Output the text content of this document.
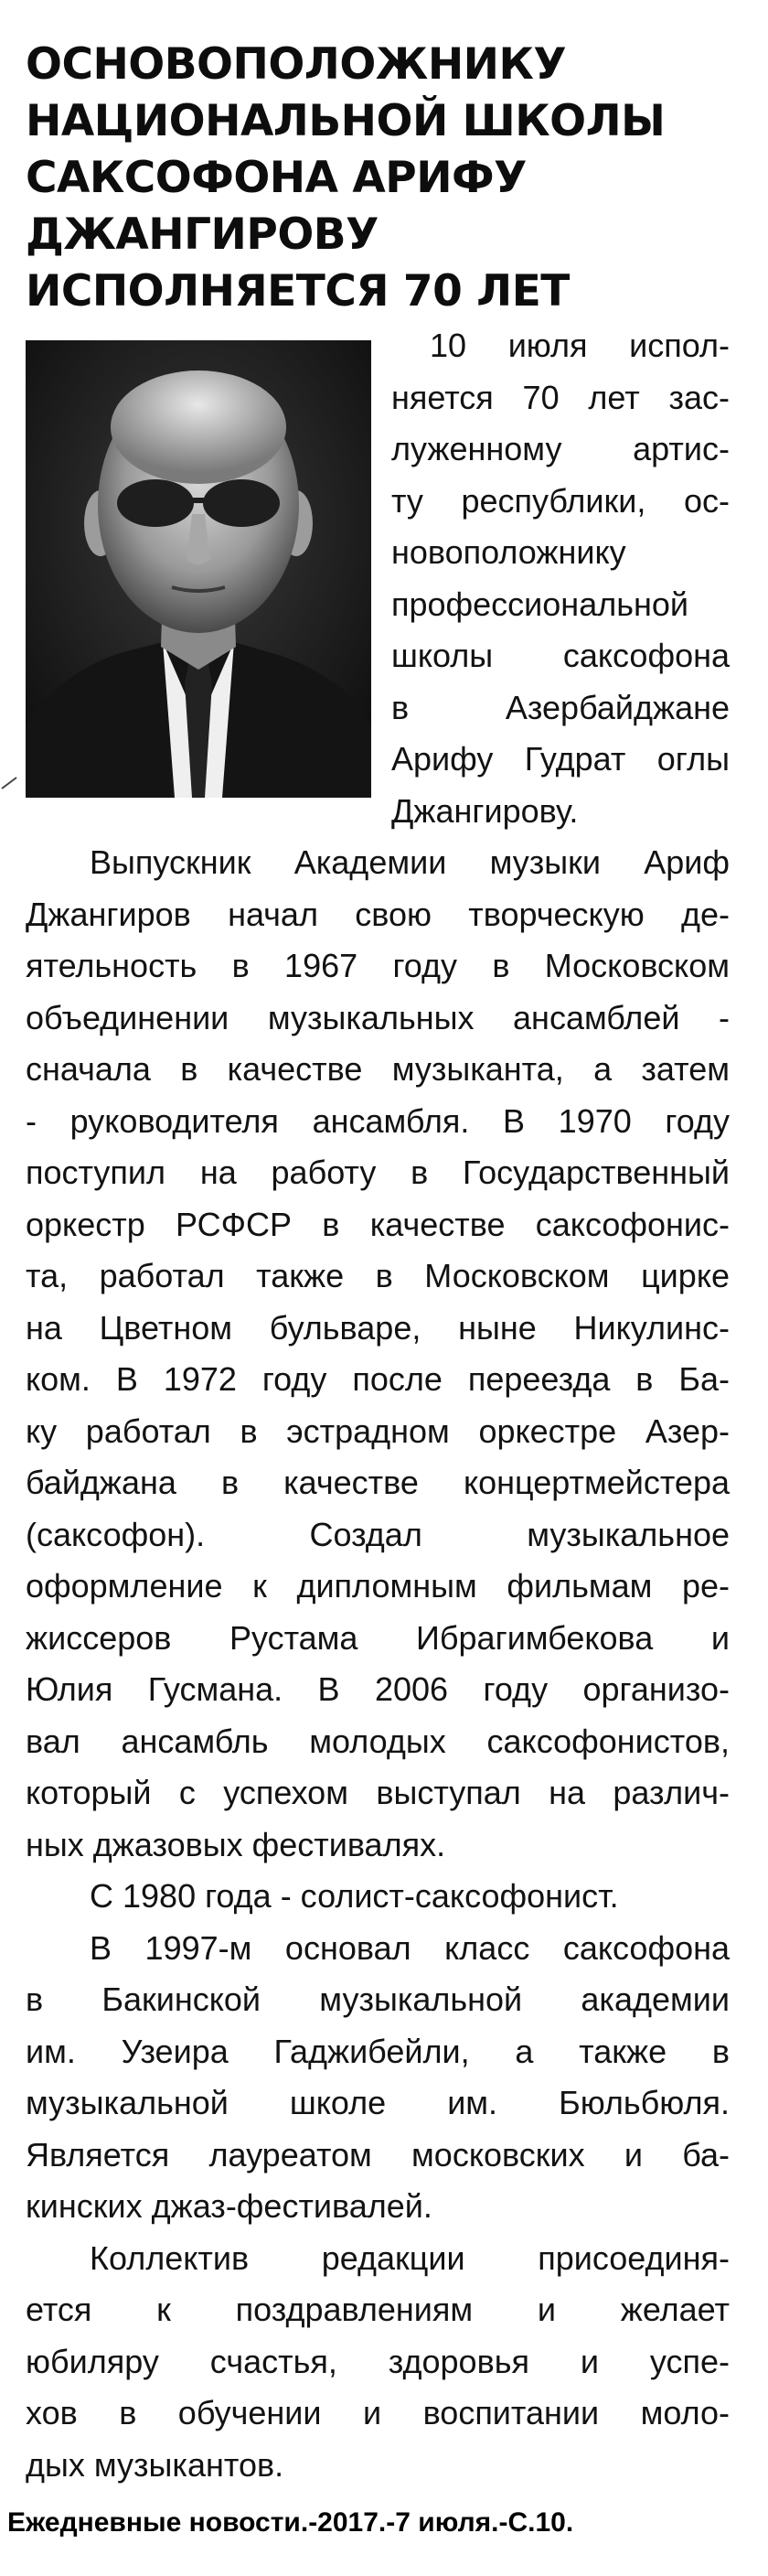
ОСНОВОПОЛОЖНИКУ
НАЦИОНАЛЬНОЙ ШКОЛЫ
САКСОФОНА АРИФУ
ДЖАНГИРОВУ
ИСПОЛНЯЕТСЯ 70 ЛЕТ
10 июля испол-
няется 70 лет зас-
луженному артис-
ту республики, ос-
новоположнику
профессиональной
школы саксофона
в Азербайджане
Арифу Гудрат оглы
Джангирову.
Выпускник Академии музыки Ариф
Джангиров начал свою творческую де-
ятельность в 1967 году в Московском
объединении музыкальных ансамблей -
сначала в качестве музыканта, а затем
- руководителя ансамбля. В 1970 году
поступил на работу в Государственный
оркестр РСФСР в качестве саксофонис-
та, работал также в Московском цирке
на Цветном бульваре, ныне Никулинс-
ком. В 1972 году после переезда в Ба-
ку работал в эстрадном оркестре Азер-
байджана в качестве концертмейстера
(саксофон). Создал музыкальное
оформление к дипломным фильмам ре-
жиссеров Рустама Ибрагимбекова и
Юлия Гусмана. В 2006 году организо-
вал ансамбль молодых саксофонистов,
который с успехом выступал на различ-
ных джазовых фестивалях.
С 1980 года - солист-саксофонист.
В 1997-м основал класс саксофона
в Бакинской музыкальной академии
им. Узеира Гаджибейли, а также в
музыкальной школе им. Бюльбюля.
Является лауреатом московских и ба-
кинских джаз-фестивалей.
Коллектив редакции присоединя-
ется к поздравлениям и желает
юбиляру счастья, здоровья и успе-
хов в обучении и воспитании моло-
дых музыкантов.
Ежедневные новости.-2017.-7 июля.-С.10.
